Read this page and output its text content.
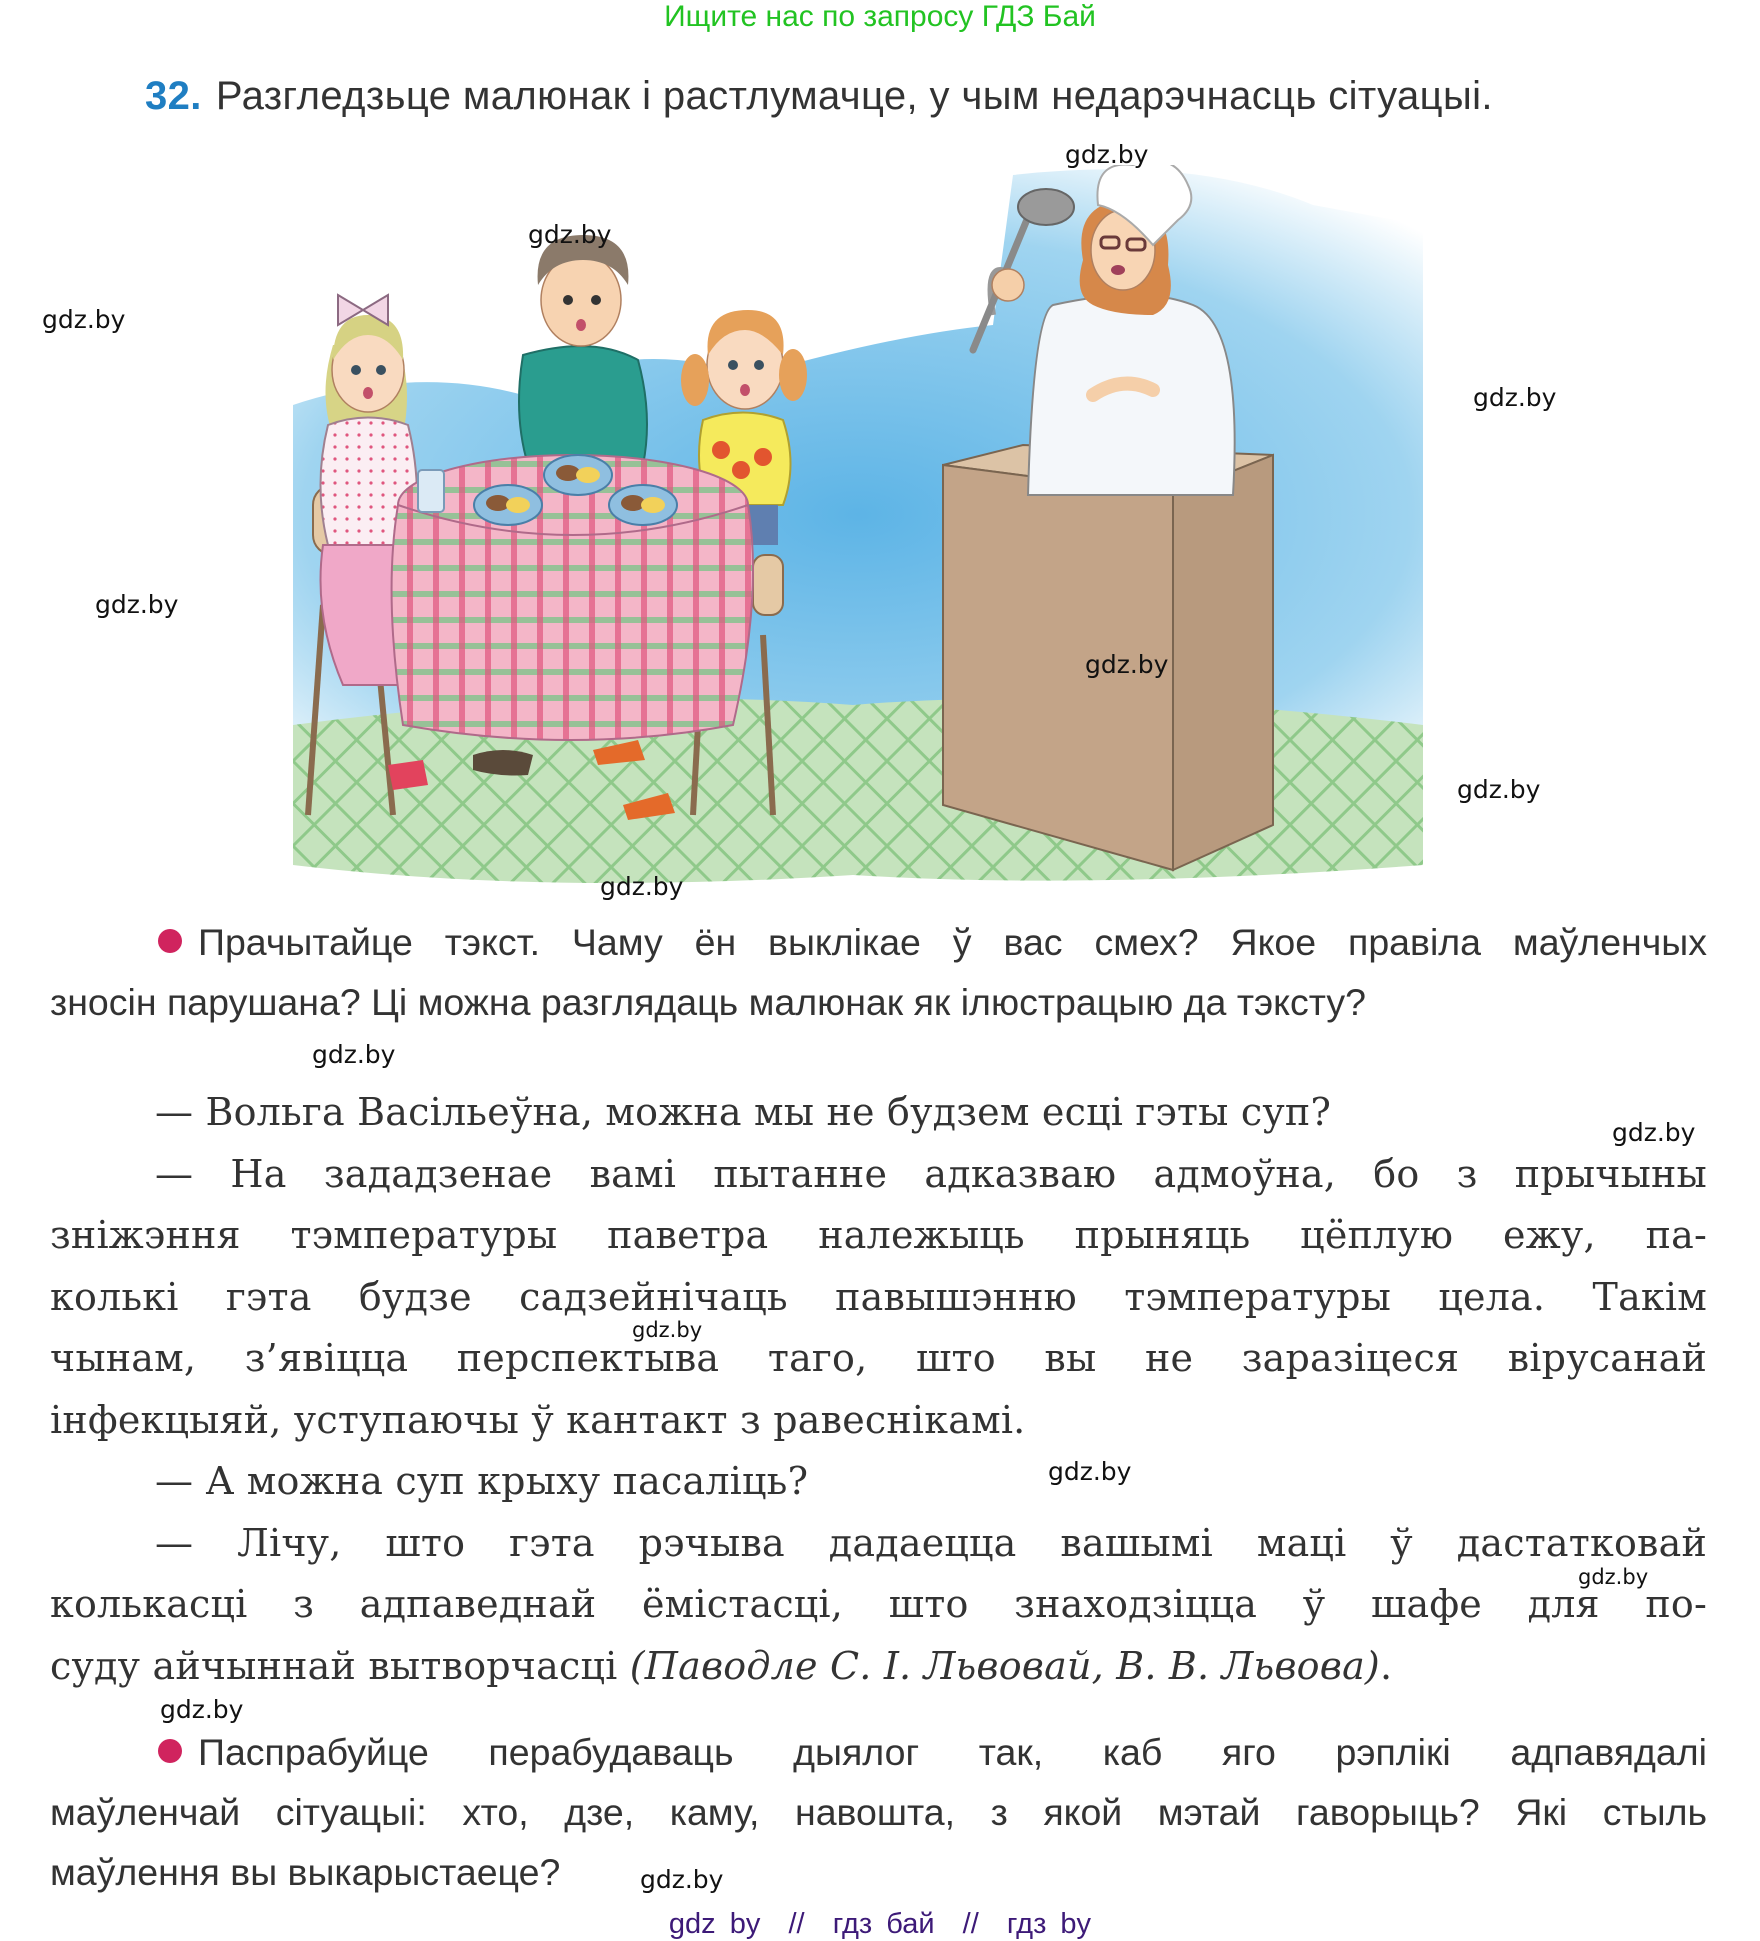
Ищите нас по запросу ГДЗ Бай
32. Разгледзьце малюнак і растлумачце, у чым недарэчнасць сітуацыі.
gdz.by
gdz.by
gdz.by
gdz.by
gdz.by
gdz.by
gdz.by
gdz.by
gdz.by
gdz.by
gdz.by
gdz.by
gdz.by
gdz.by
gdz.by
Прачытайце тэкст. Чаму ён выклікае ў вас смех? Якое правіла маўленчых
зносін парушана? Ці можна разглядаць малюнак як ілюстрацыю да тэксту?
— Вольга Васільеўна, можна мы не будзем есці гэты суп?
— На зададзенае вамі пытанне адказваю адмоўна, бо з прычыны
зніжэння тэмпературы паветра належыць прыняць цёплую ежу, па-
колькі гэта будзе садзейнічаць павышэнню тэмпературы цела. Такім
чынам, з’явіцца перспектыва таго, што вы не заразіцеся вірусанай
інфекцыяй, уступаючы ў кантакт з равеснікамі.
— А можна суп крыху пасаліць?
— Лічу, што гэта рэчыва дадаецца вашымі маці ў дастатковай
колькасці з адпаведнай ёмістасці, што знаходзіцца ў шафе для по-
суду айчыннай вытворчасці (Паводле С. І. Львовай, В. В. Львова).
Паспрабуйце перабудаваць дыялог так, каб яго рэплікі адпавядалі
маўленчай сітуацыі: хто, дзе, каму, навошта, з якой мэтай гаворыць? Які стыль
маўлення вы выкарыстаеце?
gdz by  //  гдз бай  //  гдз by
